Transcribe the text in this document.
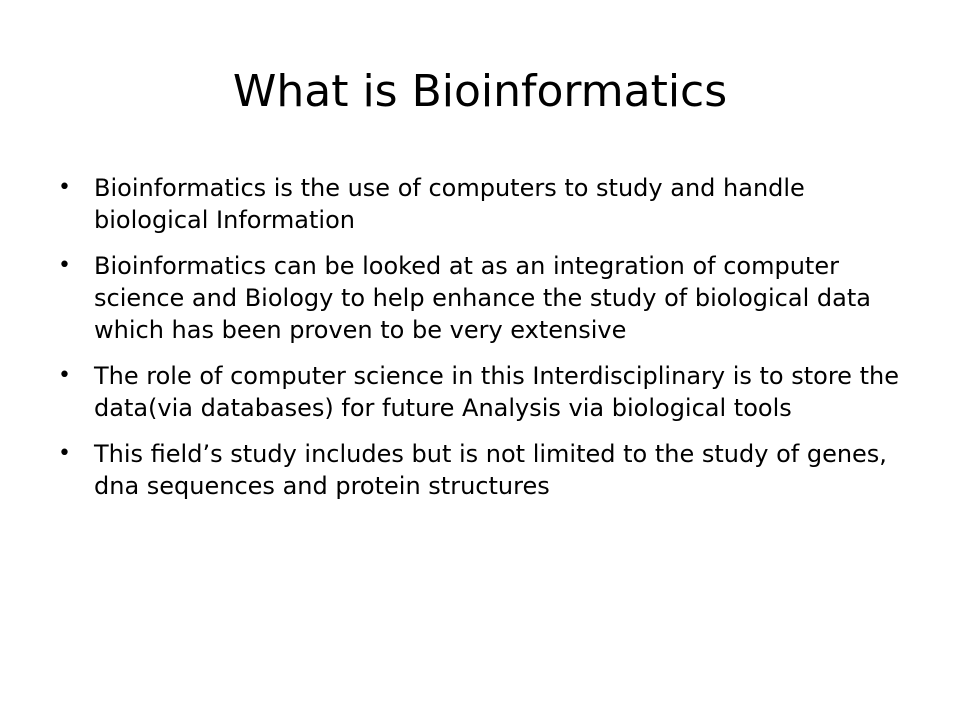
What is Bioinformatics
• Bioinformatics is the use of computers to study and handle biological Information
• Bioinformatics can be looked at as an integration of computer science and Biology to help enhance the study of biological data which has been proven to be very extensive
• The role of computer science in this Interdisciplinary is to store the data(via databases) for future Analysis via biological tools
• This field’s study includes but is not limited to the study of genes, dna sequences and protein structures
